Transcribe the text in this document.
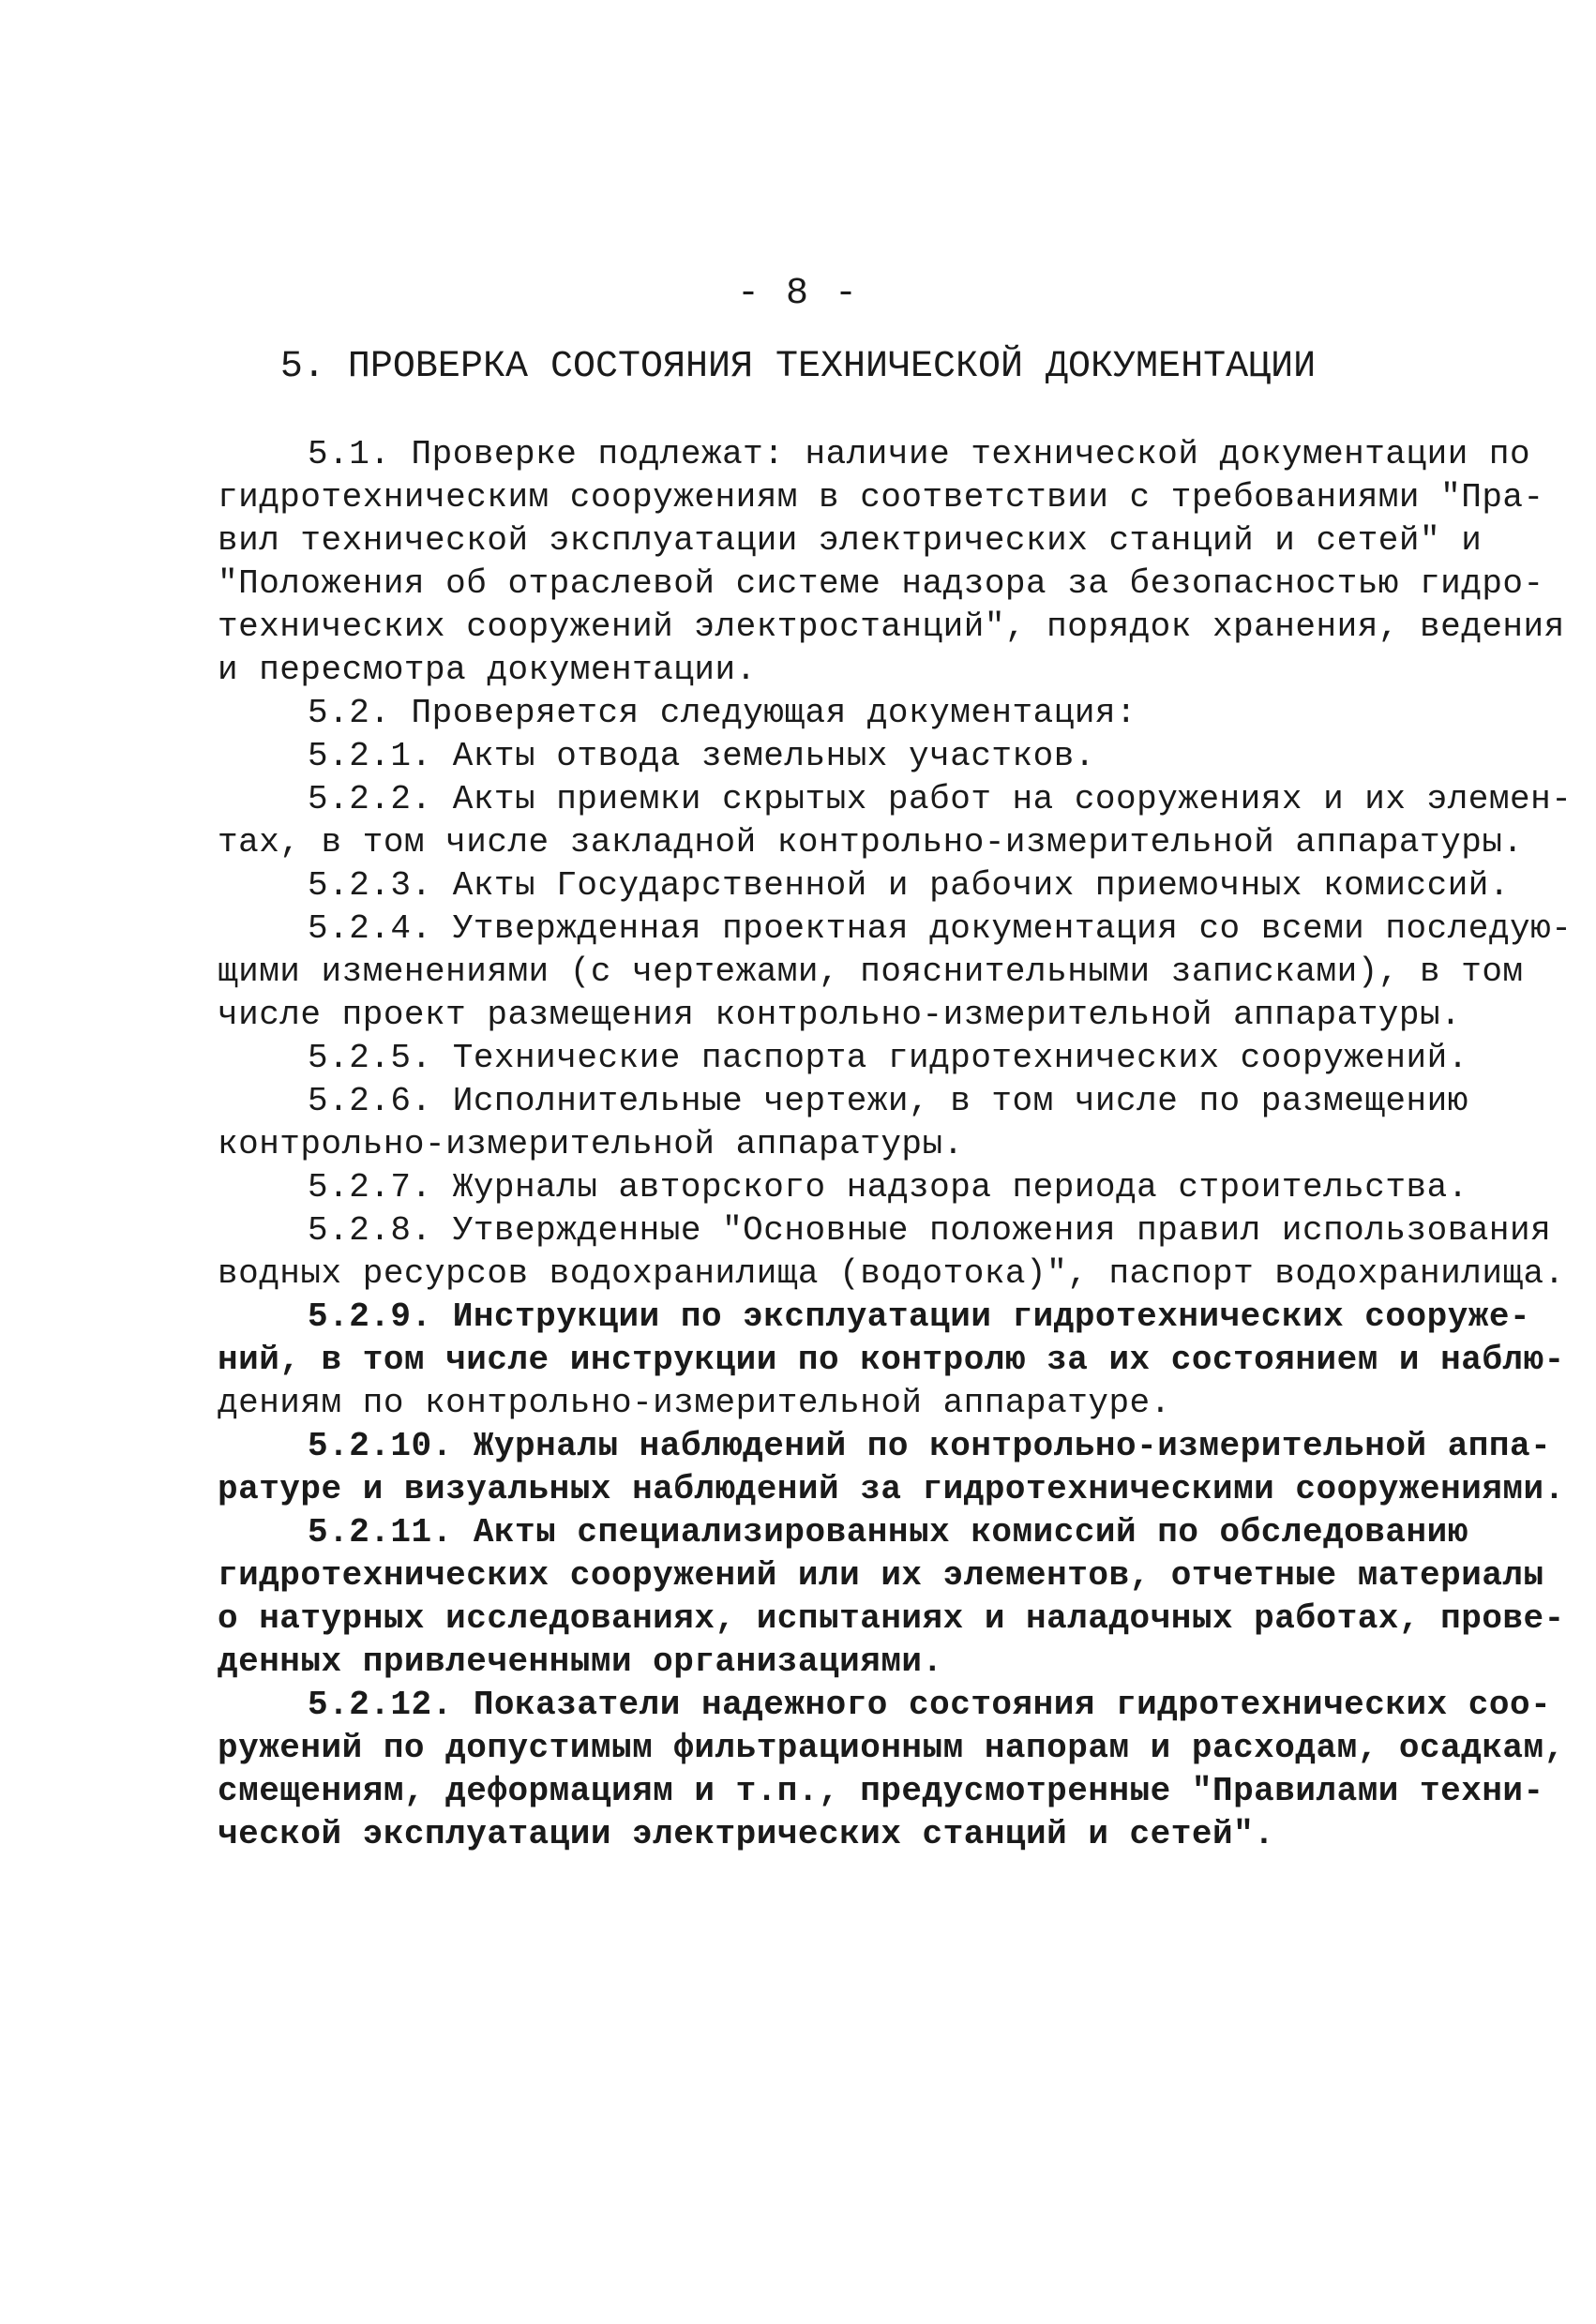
- 8 -
5. ПРОВЕРКА СОСТОЯНИЯ ТЕХНИЧЕСКОЙ ДОКУМЕНТАЦИИ
5.1. Проверке подлежат: наличие технической документации по
гидротехническим сооружениям в соответствии с требованиями "Пра-
вил технической эксплуатации электрических станций и сетей" и
"Положения об отраслевой системе надзора за безопасностью гидро-
технических сооружений электростанций", порядок хранения, ведения
и пересмотра документации.
5.2. Проверяется следующая документация:
5.2.1. Акты отвода земельных участков.
5.2.2. Акты приемки скрытых работ на сооружениях и их элемен-
тах, в том числе закладной контрольно-измерительной аппаратуры.
5.2.3. Акты Государственной и рабочих приемочных комиссий.
5.2.4. Утвержденная проектная документация со всеми последую-
щими изменениями (с чертежами, пояснительными записками), в том
числе проект размещения контрольно-измерительной аппаратуры.
5.2.5. Технические паспорта гидротехнических сооружений.
5.2.6. Исполнительные чертежи, в том числе по размещению
контрольно-измерительной аппаратуры.
5.2.7. Журналы авторского надзора периода строительства.
5.2.8. Утвержденные "Основные положения правил использования
водных ресурсов водохранилища (водотока)", паспорт водохранилища.
5.2.9. Инструкции по эксплуатации гидротехнических сооруже-
ний, в том числе инструкции по контролю за их состоянием и наблю-
дениям по контрольно-измерительной аппаратуре.
5.2.10. Журналы наблюдений по контрольно-измерительной аппа-
ратуре и визуальных наблюдений за гидротехническими сооружениями.
5.2.11. Акты специализированных комиссий по обследованию
гидротехнических сооружений или их элементов, отчетные материалы
о натурных исследованиях, испытаниях и наладочных работах, прове-
денных привлеченными организациями.
5.2.12. Показатели надежного состояния гидротехнических соо-
ружений по допустимым фильтрационным напорам и расходам, осадкам,
смещениям, деформациям и т.п., предусмотренные "Правилами техни-
ческой эксплуатации электрических станций и сетей".
